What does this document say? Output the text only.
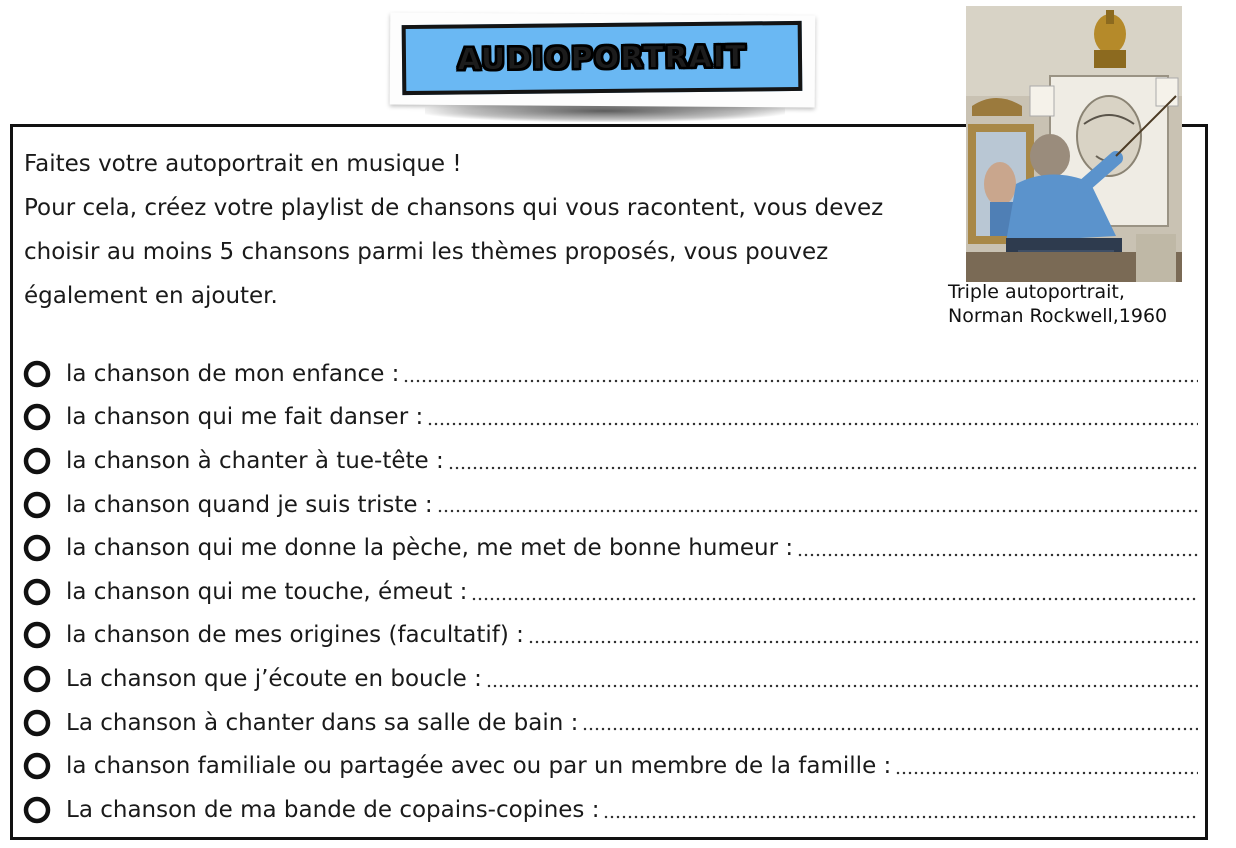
AUDIOPORTRAIT
Triple autoportrait,
Norman Rockwell,1960

Faites votre autoportrait en musique !

Pour cela, créez votre playlist de chansons qui vous racontent, vous devez choisir au moins 5 chansons parmi les thèmes proposés, vous pouvez également en ajouter.

la chanson de mon enfance :
la chanson qui me fait danser :
la chanson à chanter à tue-tête :
la chanson quand je suis triste :
la chanson qui me donne la pèche, me met de bonne humeur :
la chanson qui me touche, émeut :
la chanson de mes origines (facultatif) :
La chanson que j’écoute en boucle :
La chanson à chanter dans sa salle de bain :
la chanson familiale ou partagée avec ou par un membre de la famille :
La chanson de ma bande de copains-copines :
